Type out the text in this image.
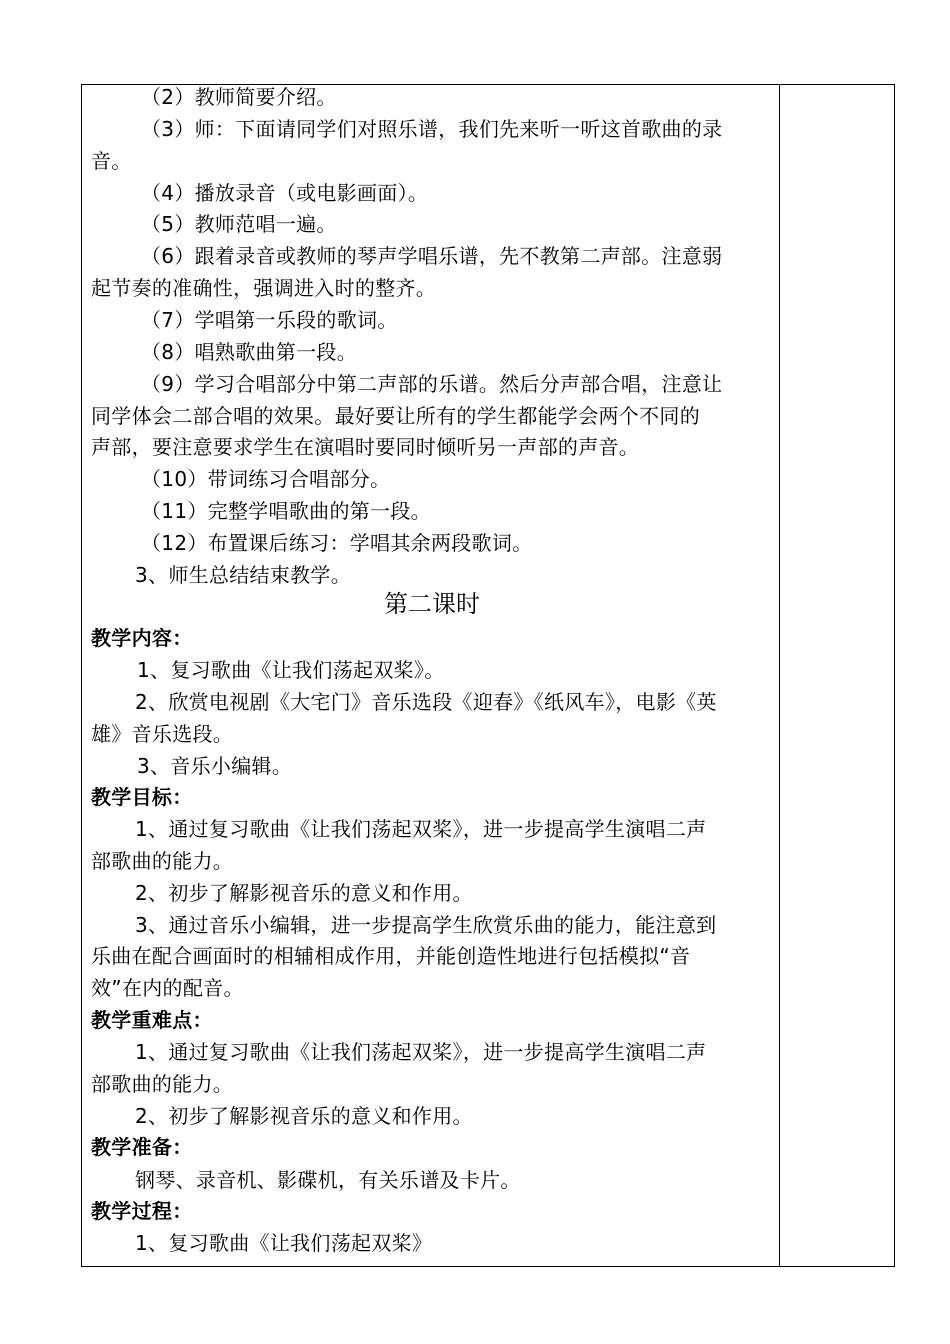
（2）教师简要介绍。
（3）师：下面请同学们对照乐谱，我们先来听一听这首歌曲的录
音。
（4）播放录音（或电影画面）。
（5）教师范唱一遍。
（6）跟着录音或教师的琴声学唱乐谱，先不教第二声部。注意弱
起节奏的准确性，强调进入时的整齐。
（7）学唱第一乐段的歌词。
（8）唱熟歌曲第一段。
（9）学习合唱部分中第二声部的乐谱。然后分声部合唱，注意让
同学体会二部合唱的效果。最好要让所有的学生都能学会两个不同的
声部，要注意要求学生在演唱时要同时倾听另一声部的声音。
（10）带词练习合唱部分。
（11）完整学唱歌曲的第一段。
（12）布置课后练习：学唱其余两段歌词。
3、师生总结结束教学。
第二课时
教学内容：
1、复习歌曲《让我们荡起双桨》。
2、欣赏电视剧《大宅门》音乐选段《迎春》《纸风车》，电影《英
雄》音乐选段。
3、音乐小编辑。
教学目标：
1、通过复习歌曲《让我们荡起双桨》，进一步提高学生演唱二声
部歌曲的能力。
2、初步了解影视音乐的意义和作用。
3、通过音乐小编辑，进一步提高学生欣赏乐曲的能力，能注意到
乐曲在配合画面时的相辅相成作用，并能创造性地进行包括模拟“音
效”在内的配音。
教学重难点：
1、通过复习歌曲《让我们荡起双桨》，进一步提高学生演唱二声
部歌曲的能力。
2、初步了解影视音乐的意义和作用。
教学准备：
钢琴、录音机、影碟机，有关乐谱及卡片。
教学过程：
1、复习歌曲《让我们荡起双桨》
